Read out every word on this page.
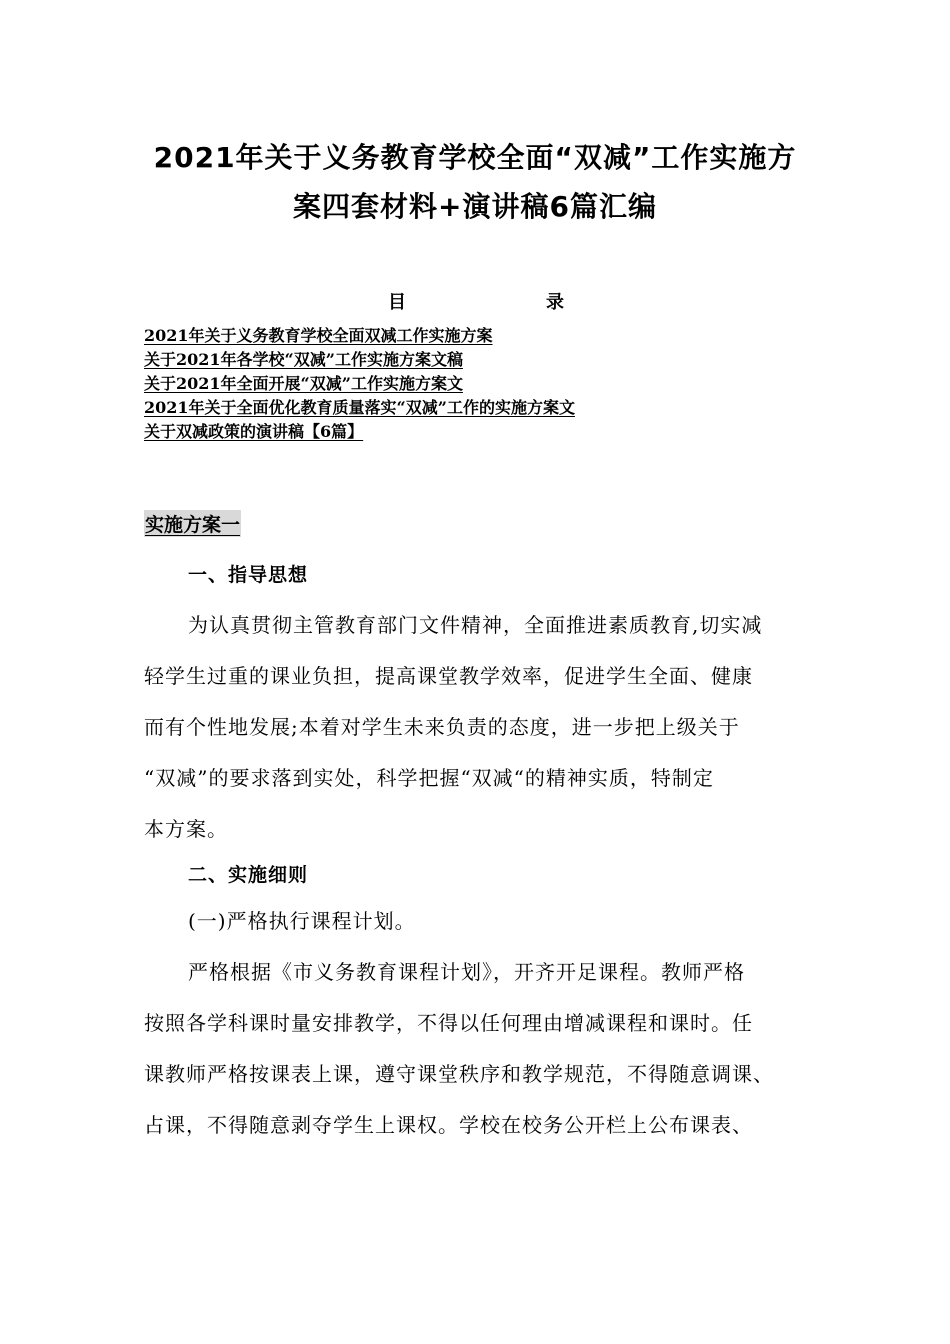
2021年关于义务教育学校全面“双减”工作实施方
案四套材料+演讲稿6篇汇编
目	录
2021年关于义务教育学校全面双减工作实施方案
关于2021年各学校“双减”工作实施方案文稿
关于2021年全面开展“双减”工作实施方案文
2021年关于全面优化教育质量落实“双减”工作的实施方案文
关于双减政策的演讲稿【6篇】
实施方案一
一、指导思想
为认真贯彻主管教育部门文件精神，全面推进素质教育,切实减
轻学生过重的课业负担，提高课堂教学效率，促进学生全面、健康
而有个性地发展;本着对学生未来负责的态度，进一步把上级关于
“双减”的要求落到实处，科学把握“双减“的精神实质，特制定
本方案。
二、实施细则
(一)严格执行课程计划。
严格根据《市义务教育课程计划》，开齐开足课程。教师严格
按照各学科课时量安排教学，不得以任何理由增减课程和课时。任
课教师严格按课表上课，遵守课堂秩序和教学规范，不得随意调课、
占课，不得随意剥夺学生上课权。学校在校务公开栏上公布课表、
